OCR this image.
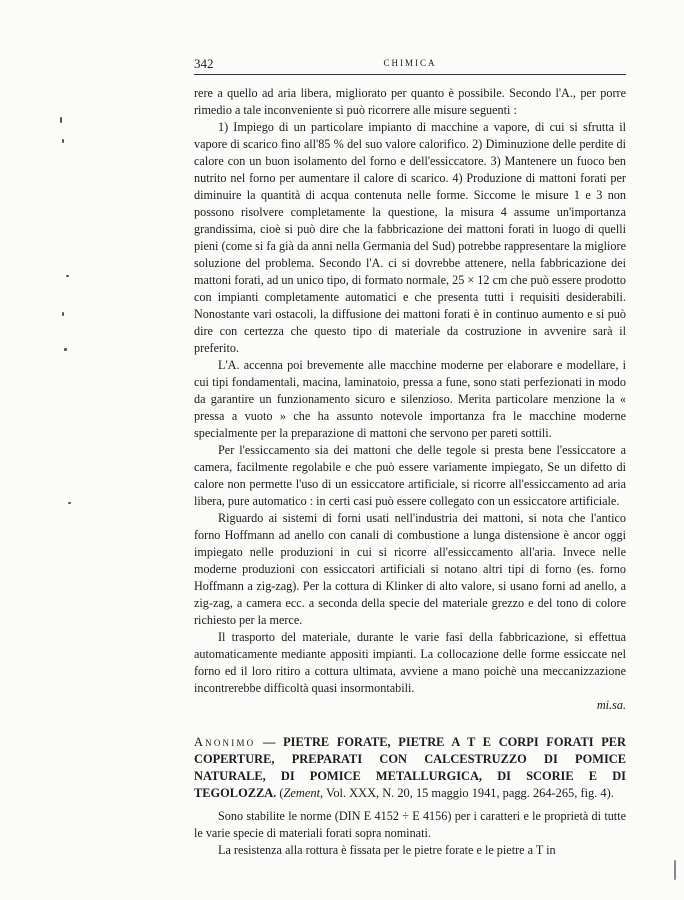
342	CHIMICA

rere a quello ad aria libera, migliorato per quanto è possibile. Secondo l'A., per porre rimedio a tale inconveniente si può ricorrere alle misure seguenti :

1) Impiego di un particolare impianto di macchine a vapore, di cui si sfrutta il vapore di scarico fino all'85 % del suo valore calorifico. 2) Diminuzione delle perdite di calore con un buon isolamento del forno e dell'essiccatore. 3) Mantenere un fuoco ben nutrito nel forno per aumentare il calore di scarico. 4) Produzione di mattoni forati per diminuire la quantità di acqua contenuta nelle forme. Siccome le misure 1 e 3 non possono risolvere completamente la questione, la misura 4 assume un'importanza grandissima, cioè si può dire che la fabbricazione dei mattoni forati in luogo di quelli pieni (come si fa già da anni nella Germania del Sud) potrebbe rappresentare la migliore soluzione del problema. Secondo l'A. ci si dovrebbe attenere, nella fabbricazione dei mattoni forati, ad un unico tipo, di formato normale, 25 × 12 cm che può essere prodotto con impianti completamente automatici e che presenta tutti i requisiti desiderabili. Nonostante vari ostacoli, la diffusione dei mattoni forati è in continuo aumento e si può dire con certezza che questo tipo di materiale da costruzione in avvenire sarà il preferito.

L'A. accenna poi brevemente alle macchine moderne per elaborare e modellare, i cui tipi fondamentali, macina, laminatoio, pressa a fune, sono stati perfezionati in modo da garantire un funzionamento sicuro e silenzioso. Merita particolare menzione la « pressa a vuoto » che ha assunto notevole importanza fra le macchine moderne specialmente per la preparazione di mattoni che servono per pareti sottili.

Per l'essiccamento sia dei mattoni che delle tegole si presta bene l'essiccatore a camera, facilmente regolabile e che può essere variamente impiegato, Se un difetto di calore non permette l'uso di un essiccatore artificiale, si ricorre all'essiccamento ad aria libera, pure automatico : in certi casi può essere collegato con un essiccatore artificiale.

Riguardo ai sistemi di forni usati nell'industria dei mattoni, si nota che l'antico forno Hoffmann ad anello con canali di combustione a lunga distensione è ancor oggi impiegato nelle produzioni in cui si ricorre all'essiccamento all'aria. Invece nelle moderne produzioni con essiccatori artificiali si notano altri tipi di forno (es. forno Hoffmann a zig-zag). Per la cottura di Klinker di alto valore, si usano forni ad anello, a zig-zag, a camera ecc. a seconda della specie del materiale grezzo e del tono di colore richiesto per la merce.

Il trasporto del materiale, durante le varie fasi della fabbricazione, si effettua automaticamente mediante appositi impianti. La collocazione delle forme essiccate nel forno ed il loro ritiro a cottura ultimata, avviene a mano poichè una meccanizzazione incontrerebbe difficoltà quasi insormontabili.

mi.sa.

Anonimo — PIETRE FORATE, PIETRE A T E CORPI FORATI PER COPERTURE, PREPARATI CON CALCESTRUZZO DI POMICE NATURALE, DI POMICE METALLURGICA, DI SCORIE E DI TEGOLOZZA. (Zement, Vol. XXX, N. 20, 15 maggio 1941, pagg. 264-265, fig. 4).

Sono stabilite le norme (DIN E 4152 ÷ E 4156) per i caratteri e le proprietà di tutte le varie specie di materiali forati sopra nominati.

La resistenza alla rottura è fissata per le pietre forate e le pietre a T in
